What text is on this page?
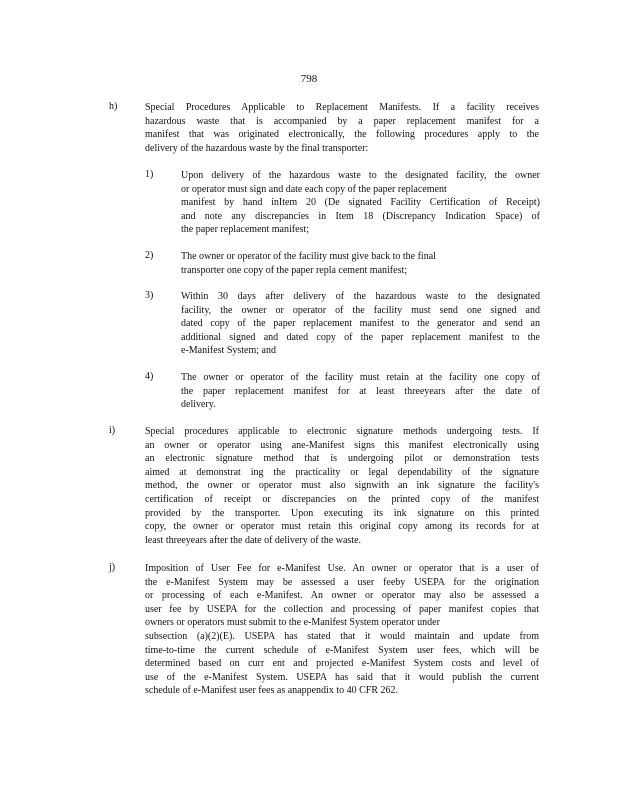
798
h)	Special Procedures Applicable to Replacement Manifests. If a facility receives
hazardous waste that is accompanied by a paper replacement manifest for a
manifest that was originated electronically, the following procedures apply to the
delivery of the hazardous waste by the final transporter:
1)	Upon delivery of the hazardous waste to the designated facility, the owner
or operator must sign and date each copy of the paper replacement
manifest by hand inItem 20 (De signated Facility Certification of Receipt)
and note any discrepancies in Item 18 (Discrepancy Indication Space) of
the paper replacement manifest;
2)	The owner or operator of the facility must give back to the final
transporter one copy of the paper repla cement manifest;
3)	Within 30 days after delivery of the hazardous waste to the designated
facility, the owner or operator of the facility must send one signed and
dated copy of the paper replacement manifest to the generator and send an
additional signed and dated copy of the paper replacement manifest to the
e-Manifest System; and
4)	The owner or operator of the facility must retain at the facility one copy of
the paper replacement manifest for at least threeyears after the date of
delivery.
i)	Special procedures applicable to electronic signature methods undergoing tests. If
an owner or operator using ane-Manifest signs this manifest electronically using
an electronic signature method that is undergoing pilot or demonstration tests
aimed at demonstrat ing the practicality or legal dependability of the signature
method, the owner or operator must also signwith an ink signature the facility's
certification of receipt or discrepancies on the printed copy of the manifest
provided by the transporter. Upon executing its ink signature on this printed
copy, the owner or operator must retain this original copy among its records for at
least threeyears after the date of delivery of the waste.
j)	Imposition of User Fee for e-Manifest Use. An owner or operator that is a user of
the e-Manifest System may be assessed a user feeby USEPA for the origination
or processing of each e-Manifest. An owner or operator may also be assessed a
user fee by USEPA for the collection and processing of paper manifest copies that
owners or operators must submit to the e-Manifest System operator under
subsection (a)(2)(E). USEPA has stated that it would maintain and update from
time-to-time the current schedule of e-Manifest System user fees, which will be
determined based on curr ent and projected e-Manifest System costs and level of
use of the e-Manifest System. USEPA has said that it would publish the current
schedule of e-Manifest user fees as anappendix to 40 CFR 262.
